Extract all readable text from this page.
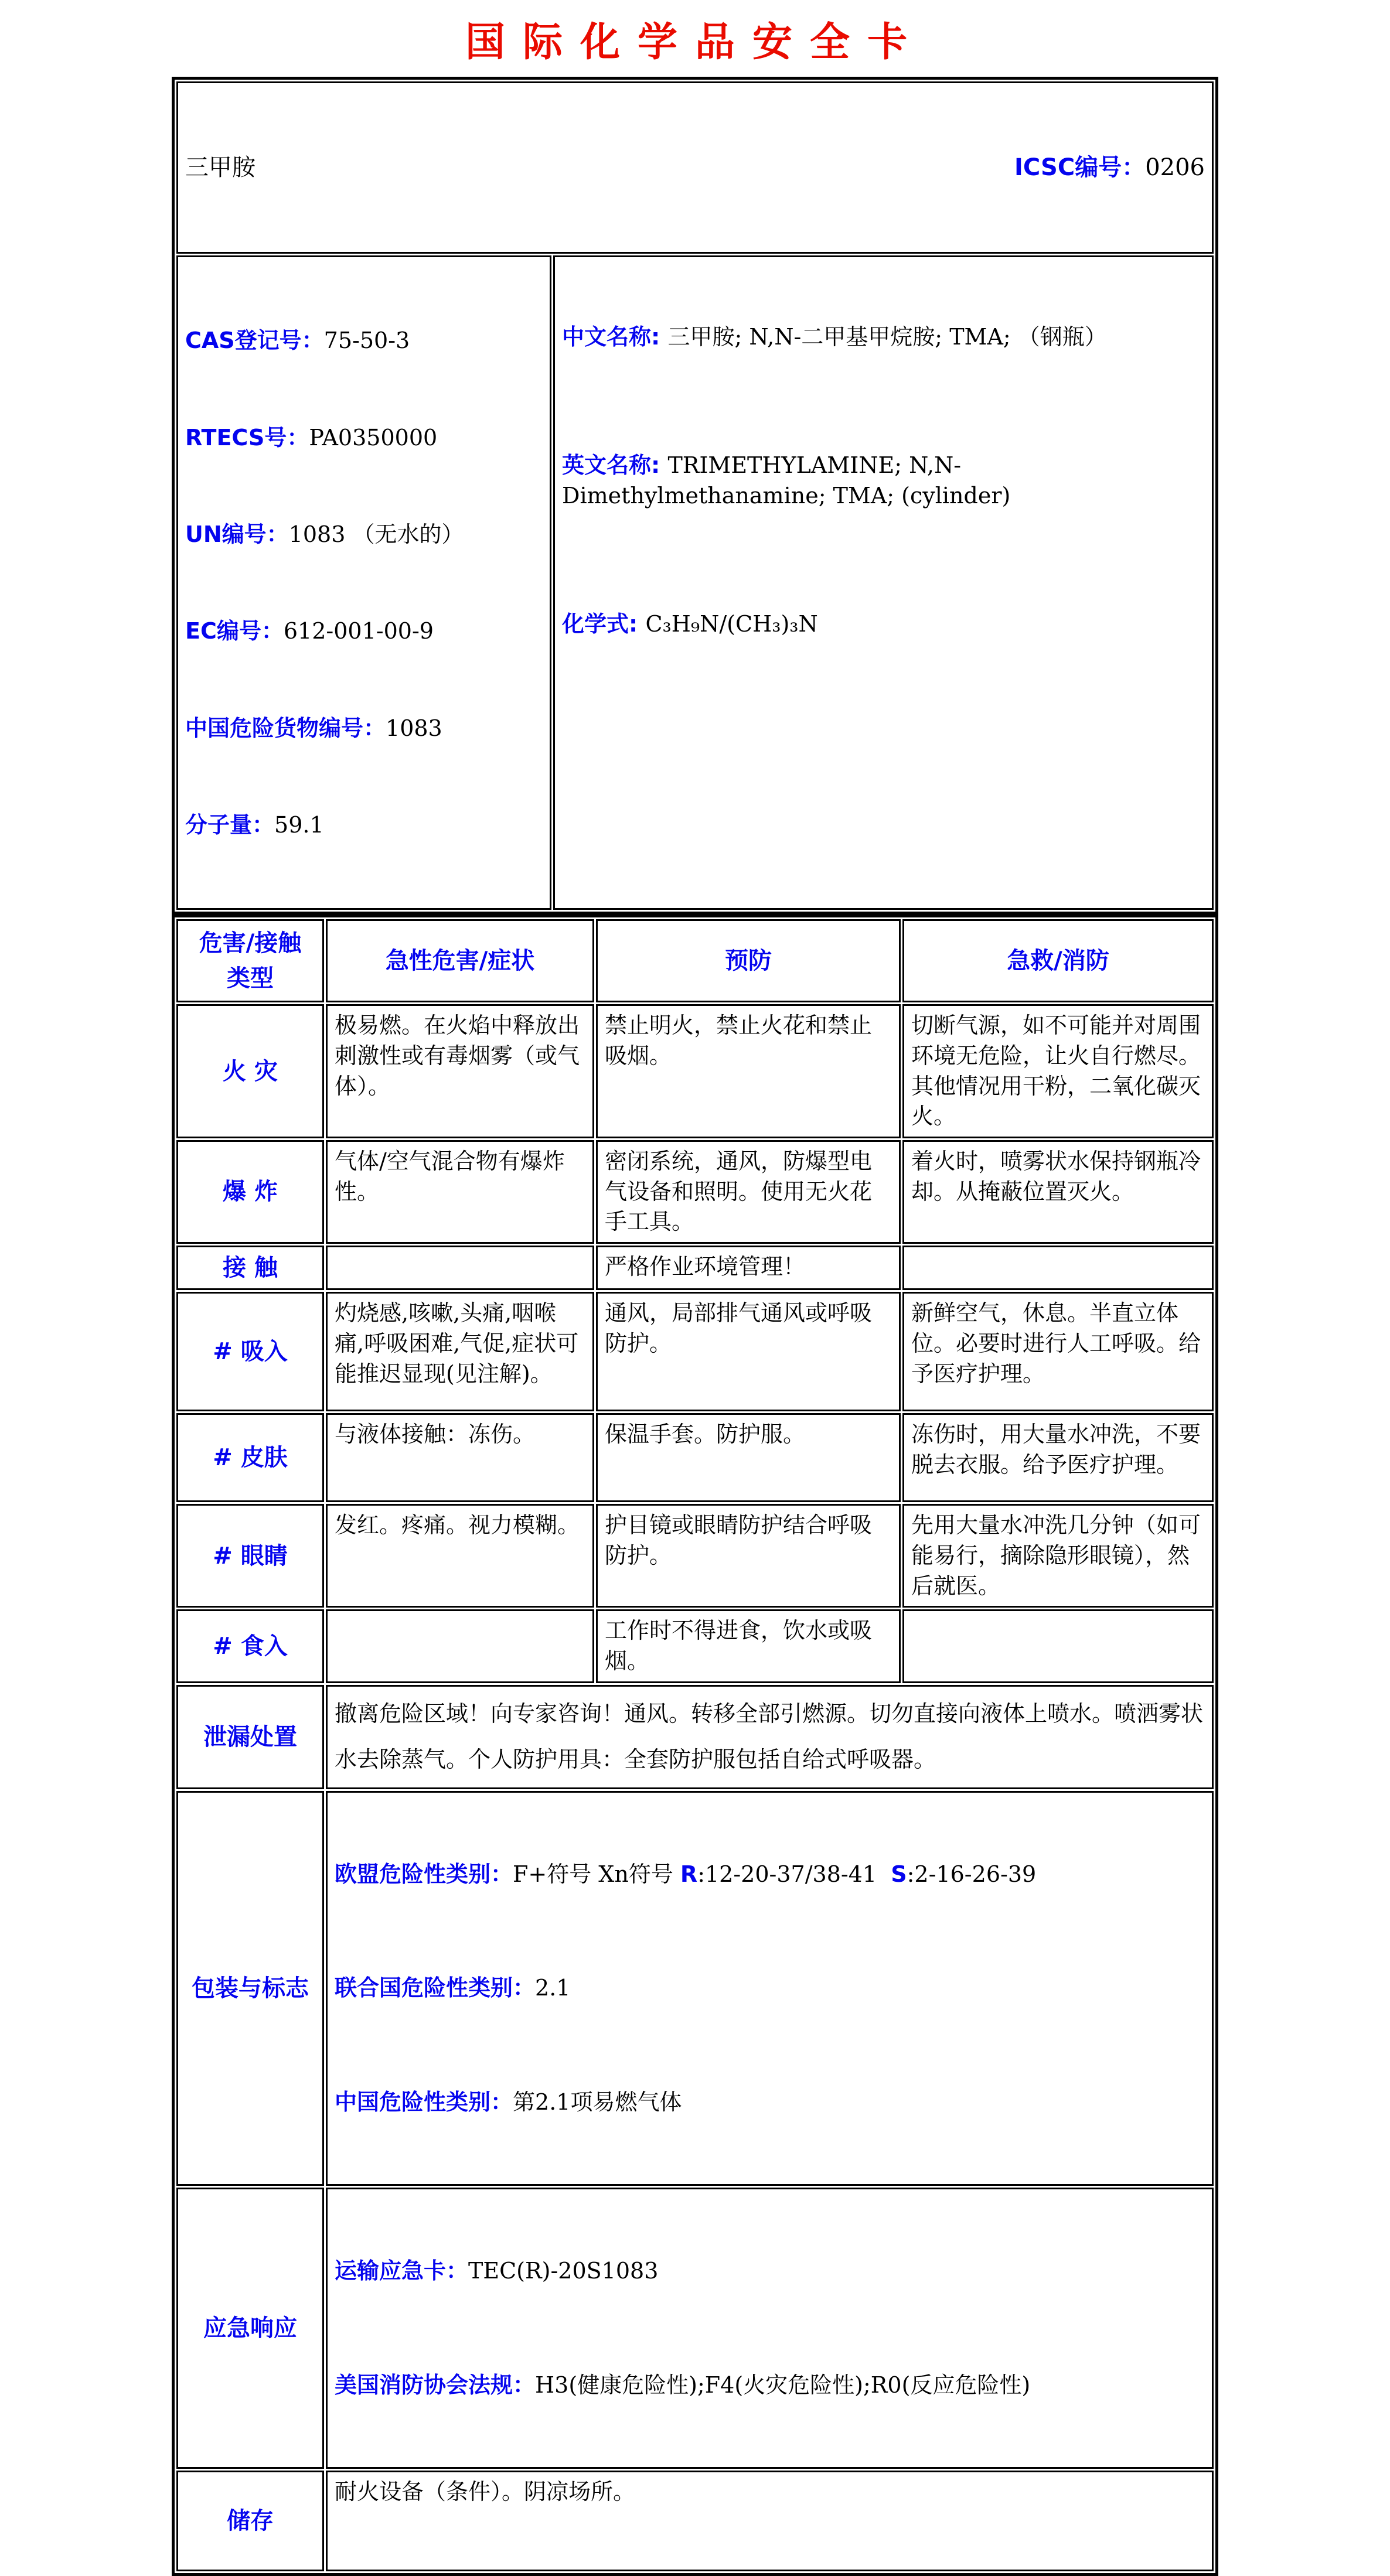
国际化学品安全卡

三甲胺	ICSC编号：0206

CAS登记号：75-50-3

RTECS号：PA0350000

UN编号：1083 （无水的）

EC编号：612-001-00-9

中国危险货物编号：1083

分子量：59.1

中文名称: 三甲胺; N,N-二甲基甲烷胺; TMA; （钢瓶）

英文名称: TRIMETHYLAMINE; N,N-Dimethylmethanamine; TMA; (cylinder)

化学式: C₃H₉N/(CH₃)₃N

危害/接触 类型	急性危害/症状	预防	急救/消防
火 灾	极易燃。在火焰中释放出刺激性或有毒烟雾（或气体）。	禁止明火，禁止火花和禁止吸烟。	切断气源，如不可能并对周围环境无危险，让火自行燃尽。其他情况用干粉，二氧化碳灭火。
爆 炸	气体/空气混合物有爆炸性。	密闭系统，通风，防爆型电气设备和照明。使用无火花手工具。	着火时，喷雾状水保持钢瓶冷却。从掩蔽位置灭火。
接 触		严格作业环境管理！	
# 吸入	灼烧感,咳嗽,头痛,咽喉痛,呼吸困难,气促,症状可能推迟显现(见注解)。	通风，局部排气通风或呼吸防护。	新鲜空气，休息。半直立体位。必要时进行人工呼吸。给予医疗护理。
# 皮肤	与液体接触：冻伤。	保温手套。防护服。	冻伤时，用大量水冲洗，不要脱去衣服。给予医疗护理。
# 眼睛	发红。疼痛。视力模糊。	护目镜或眼睛防护结合呼吸防护。	先用大量水冲洗几分钟（如可能易行，摘除隐形眼镜），然后就医。
# 食入		工作时不得进食，饮水或吸烟。	
泄漏处置	撤离危险区域！向专家咨询！通风。转移全部引燃源。切勿直接向液体上喷水。喷洒雾状水去除蒸气。个人防护用具：全套防护服包括自给式呼吸器。		
包装与标志	欧盟危险性类别：F+符号 Xn符号 R:12-20-37/38-41  S:2-16-26-39

联合国危险性类别：2.1

中国危险性类别：第2.1项易燃气体		

应急响应	运输应急卡：TEC(R)-20S1083

美国消防协会法规：H3(健康危险性);F4(火灾危险性);R0(反应危险性)		

储存	耐火设备（条件）。阴凉场所。		
